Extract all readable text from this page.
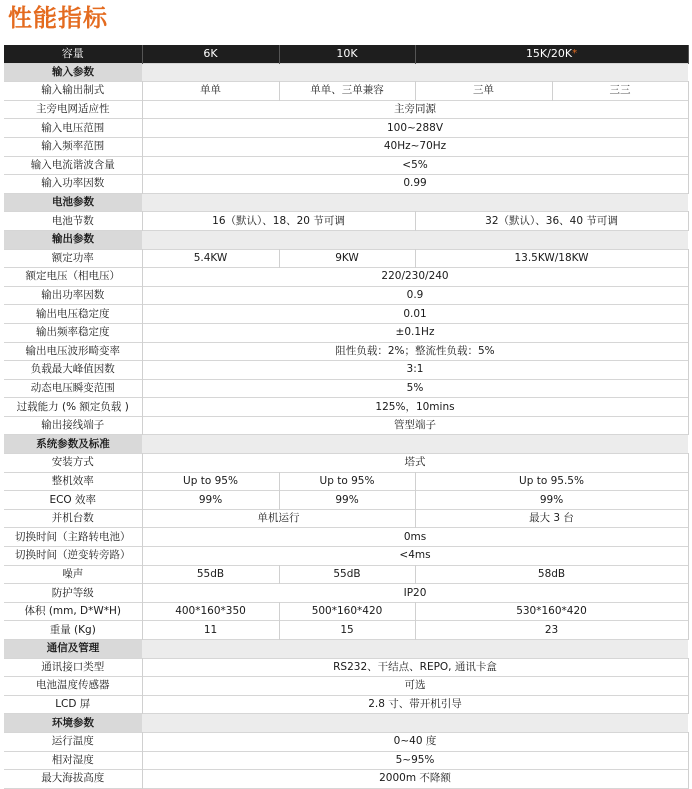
性能指标
容量	6K	10K	15K/20K*	
输入参数				
输入输出制式	单单	单单、三单兼容	三单	三三
主旁电网适应性	主旁同源			
输入电压范围	100~288V			
输入频率范围	40Hz~70Hz			
输入电流谐波含量	<5%			
输入功率因数	0.99			
电池参数				
电池节数	16（默认）、18、20 节可调		32（默认）、36、40 节可调	
输出参数				
额定功率	5.4KW	9KW	13.5KW/18KW	
额定电压（相电压）	220/230/240			
输出功率因数	0.9			
输出电压稳定度	0.01			
输出频率稳定度	±0.1Hz			
输出电压波形畸变率	阻性负载：2%；整流性负载：5%			
负载最大峰值因数	3:1			
动态电压瞬变范围	5%			
过载能力 (% 额定负载 )	125%，10mins			
输出接线端子	管型端子			
系统参数及标准				
安装方式	塔式			
整机效率	Up to 95%	Up to 95%	Up to 95.5%	
ECO 效率	99%	99%	99%	
并机台数	单机运行		最大 3 台	
切换时间（主路转电池）	0ms			
切换时间（逆变转旁路）	<4ms			
噪声	55dB	55dB	58dB	
防护等级	IP20			
体积 (mm, D*W*H)	400*160*350	500*160*420	530*160*420	
重量 (Kg)	11	15	23	
通信及管理				
通讯接口类型	RS232、干结点、REPO, 通讯卡盒			
电池温度传感器	可选			
LCD 屏	2.8 寸、带开机引导			
环境参数				
运行温度	0~40 度			
相对湿度	5~95%			
最大海拔高度	2000m 不降额			
